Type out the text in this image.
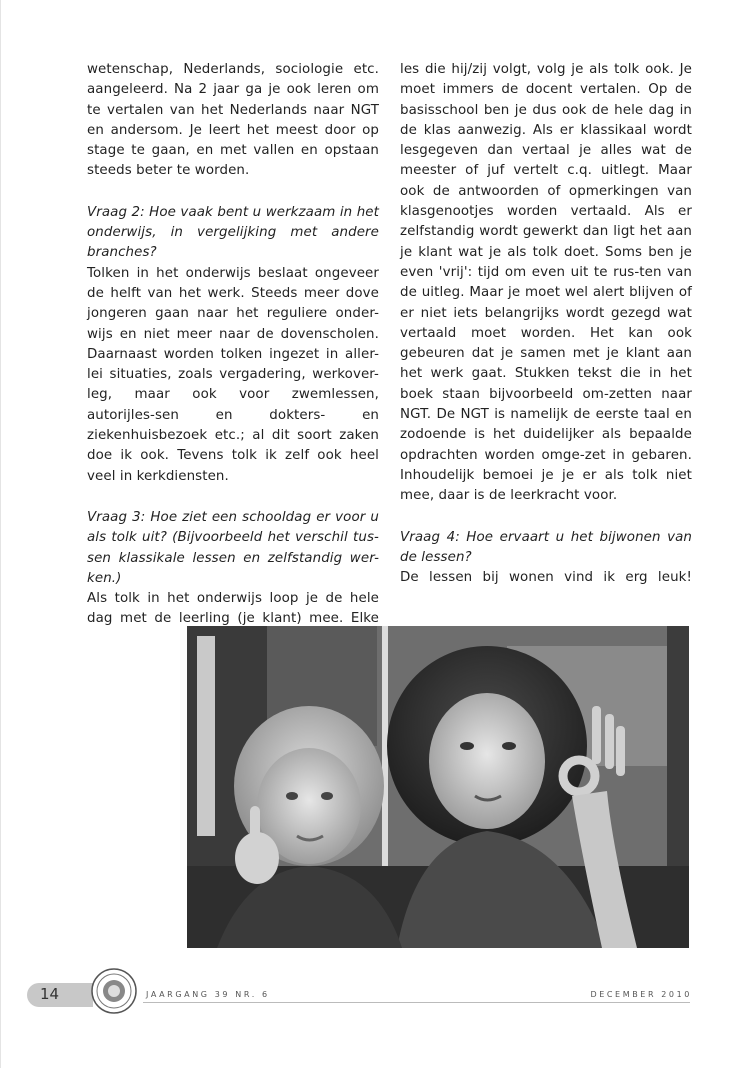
wetenschap, Nederlands, sociologie etc. aangeleerd. Na 2 jaar ga je ook leren om te vertalen van het Nederlands naar NGT en andersom. Je leert het meest door op stage te gaan, en met vallen en opstaan steeds beter te worden.

Vraag 2: Hoe vaak bent u werkzaam in het onderwijs, in vergelijking met andere branches?

Tolken in het onderwijs beslaat ongeveer de helft van het werk. Steeds meer dove jongeren gaan naar het reguliere onder-wijs en niet meer naar de dovenscholen. Daarnaast worden tolken ingezet in aller-lei situaties, zoals vergadering, werkover-leg, maar ook voor zwemlessen, autorijles-sen en dokters- en ziekenhuisbezoek etc.; al dit soort zaken doe ik ook. Tevens tolk ik zelf ook heel veel in kerkdiensten.

Vraag 3: Hoe ziet een schooldag er voor u als tolk uit? (Bijvoorbeeld het verschil tus-sen klassikale lessen en zelfstandig wer-ken.)

Als tolk in het onderwijs loop je de hele dag met de leerling (je klant) mee. Elke

les die hij/zij volgt, volg je als tolk ook. Je moet immers de docent vertalen. Op de basisschool ben je dus ook de hele dag in de klas aanwezig. Als er klassikaal wordt lesgegeven dan vertaal je alles wat de meester of juf vertelt c.q. uitlegt. Maar ook de antwoorden of opmerkingen van klasgenootjes worden vertaald. Als er zelfstandig wordt gewerkt dan ligt het aan je klant wat je als tolk doet. Soms ben je even 'vrij': tijd om even uit te rus-ten van de uitleg. Maar je moet wel alert blijven of er niet iets belangrijks wordt gezegd wat vertaald moet worden. Het kan ook gebeuren dat je samen met je klant aan het werk gaat. Stukken tekst die in het boek staan bijvoorbeeld om-zetten naar NGT. De NGT is namelijk de eerste taal en zodoende is het duidelijker als bepaalde opdrachten worden omge-zet in gebaren. Inhoudelijk bemoei je je er als tolk niet mee, daar is de leerkracht voor.

Vraag 4: Hoe ervaart u het bijwonen van de lessen?

De lessen bij wonen vind ik erg leuk!

14	JAARGANG 39 NR. 6	DECEMBER 2010
